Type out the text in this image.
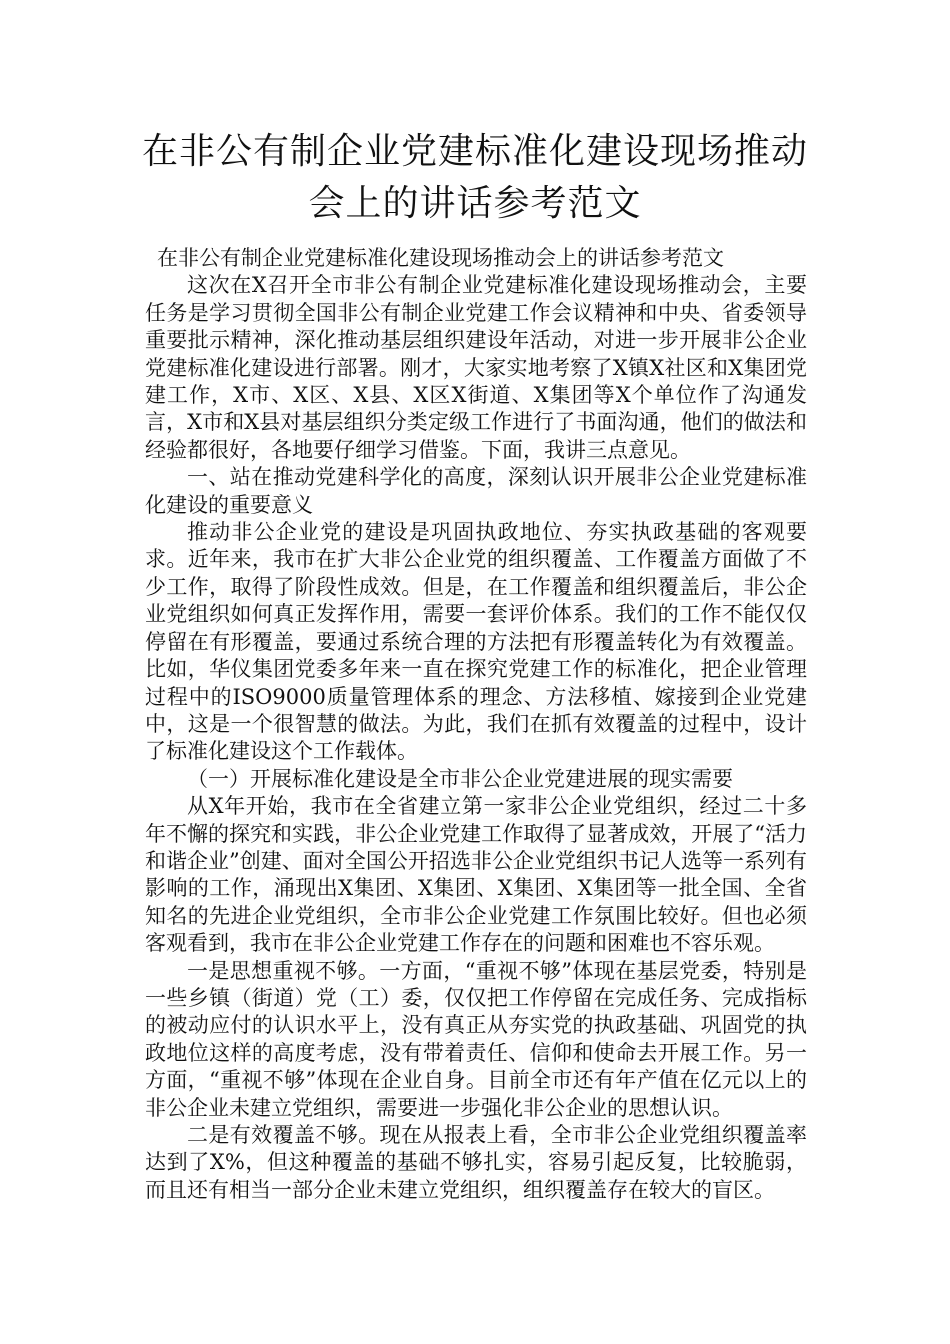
在非公有制企业党建标准化建设现场推动会上的讲话参考范文

在非公有制企业党建标准化建设现场推动会上的讲话参考范文

这次在X召开全市非公有制企业党建标准化建设现场推动会，主要任务是学习贯彻全国非公有制企业党建工作会议精神和中央、省委领导重要批示精神，深化推动基层组织建设年活动，对进一步开展非公企业党建标准化建设进行部署。刚才，大家实地考察了X镇X社区和X集团党建工作，X市、X区、X县、X区X街道、X集团等X个单位作了沟通发言，X市和X县对基层组织分类定级工作进行了书面沟通，他们的做法和经验都很好，各地要仔细学习借鉴。下面，我讲三点意见。

一、站在推动党建科学化的高度，深刻认识开展非公企业党建标准化建设的重要意义

推动非公企业党的建设是巩固执政地位、夯实执政基础的客观要求。近年来，我市在扩大非公企业党的组织覆盖、工作覆盖方面做了不少工作，取得了阶段性成效。但是，在工作覆盖和组织覆盖后，非公企业党组织如何真正发挥作用，需要一套评价体系。我们的工作不能仅仅停留在有形覆盖，要通过系统合理的方法把有形覆盖转化为有效覆盖。比如，华仪集团党委多年来一直在探究党建工作的标准化，把企业管理过程中的ISO9000质量管理体系的理念、方法移植、嫁接到企业党建中，这是一个很智慧的做法。为此，我们在抓有效覆盖的过程中，设计了标准化建设这个工作载体。

（一）开展标准化建设是全市非公企业党建进展的现实需要

从X年开始，我市在全省建立第一家非公企业党组织，经过二十多年不懈的探究和实践，非公企业党建工作取得了显著成效，开展了“活力和谐企业”创建、面对全国公开招选非公企业党组织书记人选等一系列有影响的工作，涌现出X集团、X集团、X集团、X集团等一批全国、全省知名的先进企业党组织，全市非公企业党建工作氛围比较好。但也必须客观看到，我市在非公企业党建工作存在的问题和困难也不容乐观。

一是思想重视不够。一方面，“重视不够”体现在基层党委，特别是一些乡镇（街道）党（工）委，仅仅把工作停留在完成任务、完成指标的被动应付的认识水平上，没有真正从夯实党的执政基础、巩固党的执政地位这样的高度考虑，没有带着责任、信仰和使命去开展工作。另一方面，“重视不够”体现在企业自身。目前全市还有年产值在亿元以上的非公企业未建立党组织，需要进一步强化非公企业的思想认识。

二是有效覆盖不够。现在从报表上看，全市非公企业党组织覆盖率达到了X%，但这种覆盖的基础不够扎实，容易引起反复，比较脆弱，而且还有相当一部分企业未建立党组织，组织覆盖存在较大的盲区。
